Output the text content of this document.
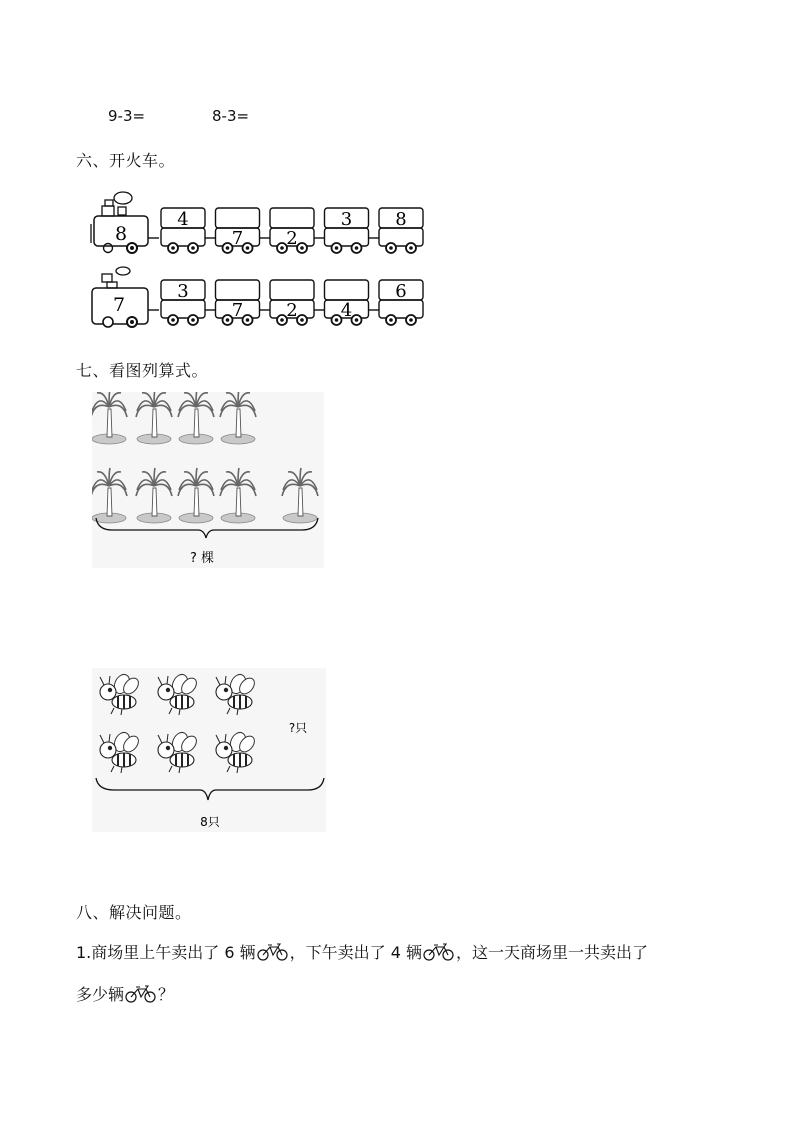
9-3=	8-3=
六、开火车。
8
4
7 2
3 8
7
3
7 2 4
6
七、看图列算式。
? 棵
?只
8只
八、解决问题。
1.商场里上午卖出了 6 辆 ，下午卖出了 4 辆 ，这一天商场里一共卖出了
多少辆 ？
